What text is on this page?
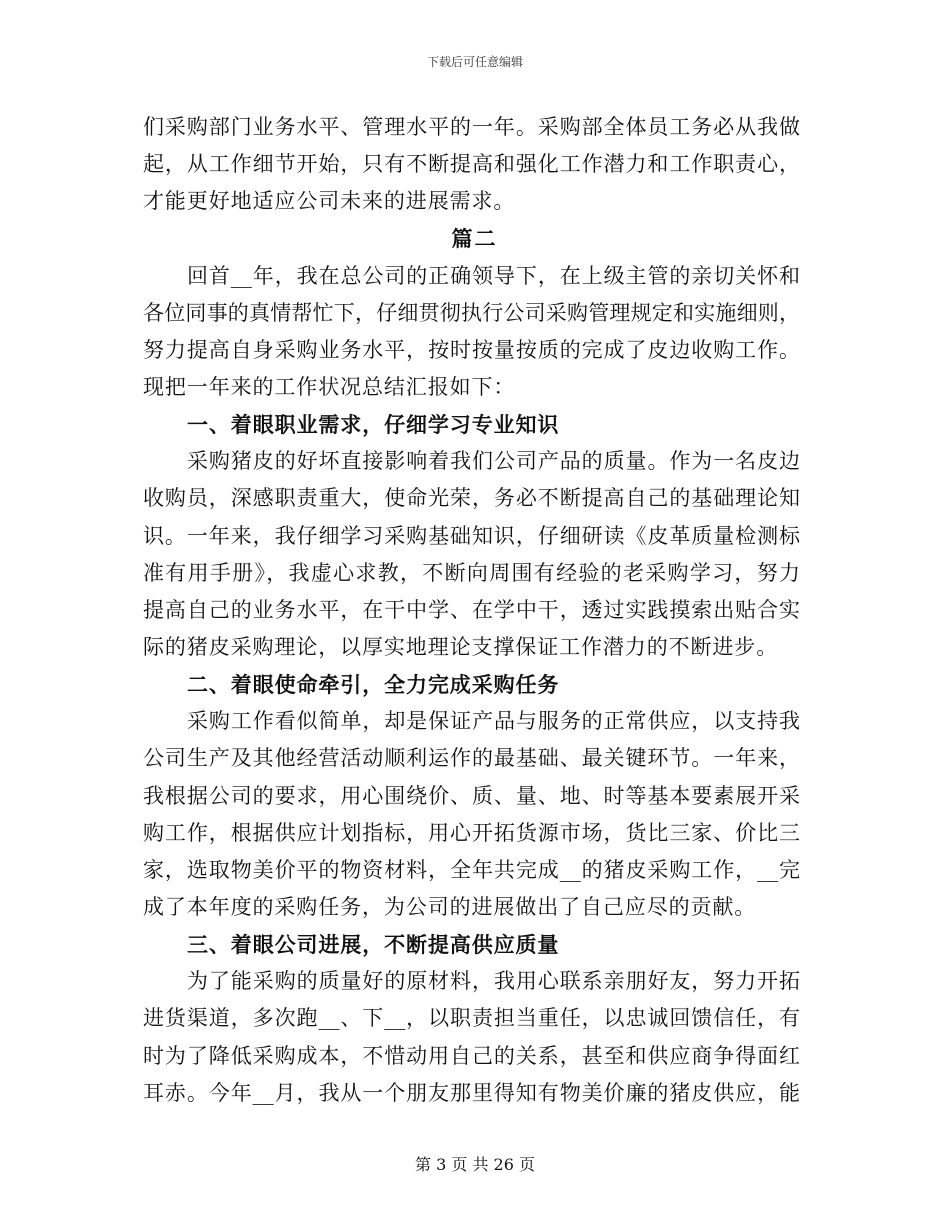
下载后可任意编辑
们采购部门业务水平、管理水平的一年。采购部全体员工务必从我做
起，从工作细节开始，只有不断提高和强化工作潜力和工作职责心，
才能更好地适应公司未来的进展需求。
篇二
回首__年，我在总公司的正确领导下，在上级主管的亲切关怀和
各位同事的真情帮忙下，仔细贯彻执行公司采购管理规定和实施细则，
努力提高自身采购业务水平，按时按量按质的完成了皮边收购工作。
现把一年来的工作状况总结汇报如下：
一、着眼职业需求，仔细学习专业知识
采购猪皮的好坏直接影响着我们公司产品的质量。作为一名皮边
收购员，深感职责重大，使命光荣，务必不断提高自己的基础理论知
识。一年来，我仔细学习采购基础知识，仔细研读《皮革质量检测标
准有用手册》，我虚心求教，不断向周围有经验的老采购学习，努力
提高自己的业务水平，在干中学、在学中干，透过实践摸索出贴合实
际的猪皮采购理论，以厚实地理论支撑保证工作潜力的不断进步。
二、着眼使命牵引，全力完成采购任务
采购工作看似简单，却是保证产品与服务的正常供应，以支持我
公司生产及其他经营活动顺利运作的最基础、最关键环节。一年来，
我根据公司的要求，用心围绕价、质、量、地、时等基本要素展开采
购工作，根据供应计划指标，用心开拓货源市场，货比三家、价比三
家，选取物美价平的物资材料，全年共完成__的猪皮采购工作，__完
成了本年度的采购任务，为公司的进展做出了自己应尽的贡献。
三、着眼公司进展，不断提高供应质量
为了能采购的质量好的原材料，我用心联系亲朋好友，努力开拓
进货渠道，多次跑__、下__，以职责担当重任，以忠诚回馈信任，有
时为了降低采购成本，不惜动用自己的关系，甚至和供应商争得面红
耳赤。今年__月，我从一个朋友那里得知有物美价廉的猪皮供应，能
第 3 页 共 26 页
